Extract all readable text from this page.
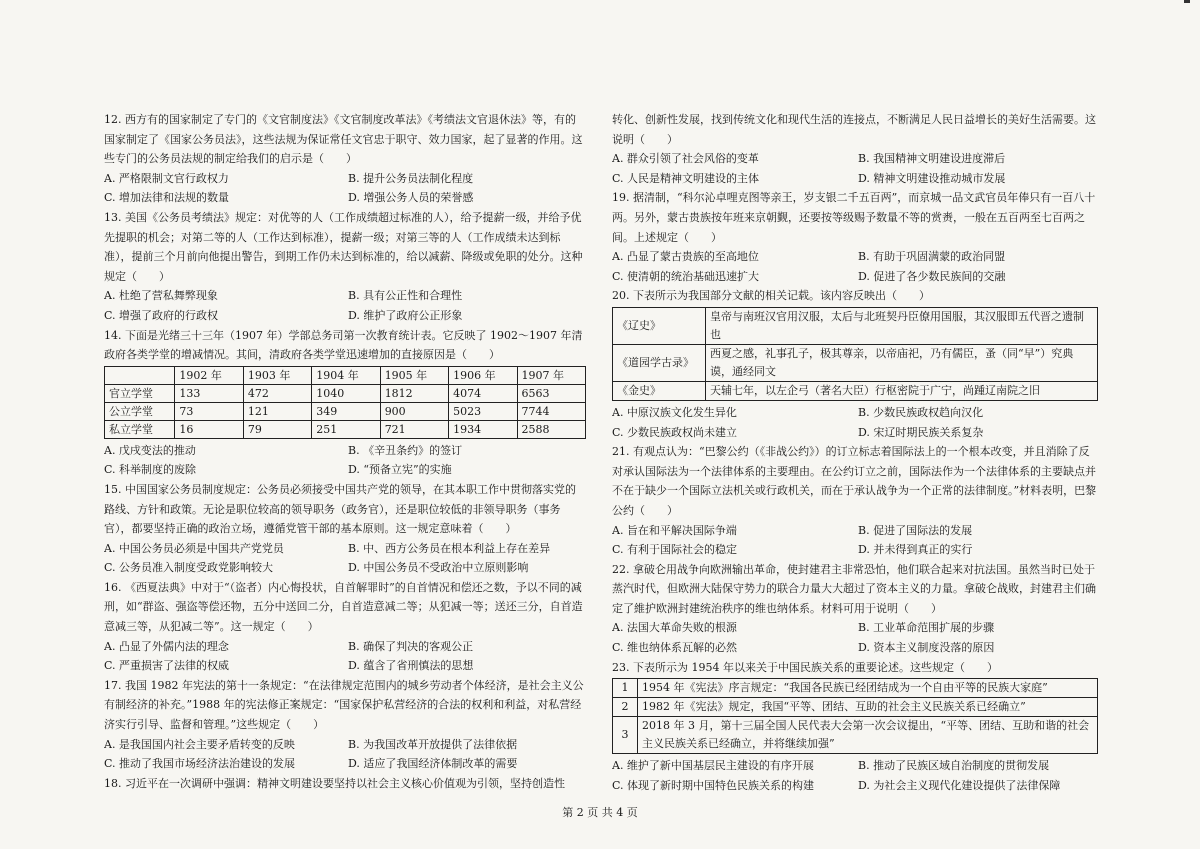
12. 西方有的国家制定了专门的《文官制度法》《文官制度改革法》《考绩法文官退休法》等，有的国家制定了《国家公务员法》，这些法规为保证常任文官忠于职守、效力国家，起了显著的作用。这些专门的公务员法规的制定给我们的启示是（　　）

A. 严格限制文官行政权力	B. 提升公务员法制化程度
C. 增加法律和法规的数量	D. 增强公务人员的荣誉感

13. 美国《公务员考绩法》规定：对优等的人（工作成绩超过标准的人），给予提薪一级，并给予优先提职的机会；对第二等的人（工作达到标准），提薪一级；对第三等的人（工作成绩未达到标准），提前三个月前向他提出警告，到期工作仍未达到标准的，给以减薪、降级或免职的处分。这种规定（　　）

A. 杜绝了营私舞弊现象	B. 具有公正性和合理性
C. 增强了政府的行政权	D. 维护了政府公正形象

14. 下面是光绪三十三年（1907 年）学部总务司第一次教育统计表。它反映了 1902～1907 年清政府各类学堂的增减情况。其间，清政府各类学堂迅速增加的直接原因是（　　）

	1902 年	1903 年	1904 年	1905 年	1906 年	1907 年
官立学堂	133	472	1040	1812	4074	6563
公立学堂	73	121	349	900	5023	7744
私立学堂	16	79	251	721	1934	2588
A. 戊戌变法的推动	B. 《辛丑条约》的签订
C. 科举制度的废除	D. “预备立宪”的实施

15. 中国国家公务员制度规定：公务员必须接受中国共产党的领导，在其本职工作中贯彻落实党的路线、方针和政策。无论是职位较高的领导职务（政务官），还是职位较低的非领导职务（事务官），都要坚持正确的政治立场，遵循党管干部的基本原则。这一规定意味着（　　）

A. 中国公务员必须是中国共产党党员	B. 中、西方公务员在根本利益上存在差异
C. 公务员准入制度受政党影响较大	D. 中国公务员不受政治中立原则影响

16. 《西夏法典》中对于“（盗者）内心悔投状，自首解罪时”的自首情况和偿还之数，予以不同的减刑，如“群盗、强盗等偿还物，五分中送回二分，自首造意减二等；从犯减一等；送还三分，自首造意减三等，从犯减二等”。这一规定（　　）

A. 凸显了外儒内法的理念	B. 确保了判决的客观公正
C. 严重损害了法律的权威	D. 蕴含了省刑慎法的思想

17. 我国 1982 年宪法的第十一条规定：“在法律规定范围内的城乡劳动者个体经济，是社会主义公有制经济的补充。”1988 年的宪法修正案规定：“国家保护私营经济的合法的权利和利益，对私营经济实行引导、监督和管理。”这些规定（　　）

A. 是我国国内社会主要矛盾转变的反映	B. 为我国改革开放提供了法律依据
C. 推动了我国市场经济法治建设的发展	D. 适应了我国经济体制改革的需要

18. 习近平在一次调研中强调：精神文明建设要坚持以社会主义核心价值观为引领，坚持创造性

转化、创新性发展，找到传统文化和现代生活的连接点，不断满足人民日益增长的美好生活需要。这说明（　　）

A. 群众引领了社会风俗的变革	B. 我国精神文明建设进度滞后
C. 人民是精神文明建设的主体	D. 精神文明建设推动城市发展

19. 据清制，“科尔沁卓哩克图等亲王，岁支银二千五百两”，而京城一品文武官员年俸只有一百八十两。另外，蒙古贵族按年班来京朝觐，还要按等级赐予数量不等的赏赉，一般在五百两至七百两之间。上述规定（　　）

A. 凸显了蒙古贵族的至高地位	B. 有助于巩固满蒙的政治同盟
C. 使清朝的统治基础迅速扩大	D. 促进了各少数民族间的交融

20. 下表所示为我国部分文献的相关记载。该内容反映出（　　）

《辽史》	皇帝与南班汉官用汉服，太后与北班契丹臣僚用国服，其汉服即五代晋之遗制也
《道园学古录》	西夏之感，礼事孔子，极其尊亲，以帝庙祀，乃有儒臣，蚤（同“早”）究典谟，通经同文
《金史》	天辅七年，以左企弓（著名大臣）行枢密院于广宁，尚踵辽南院之旧
A. 中原汉族文化发生异化	B. 少数民族政权趋向汉化
C. 少数民族政权尚未建立	D. 宋辽时期民族关系复杂

21. 有观点认为：“巴黎公约（《非战公约》）的订立标志着国际法上的一个根本改变，并且消除了反对承认国际法为一个法律体系的主要理由。在公约订立之前，国际法作为一个法律体系的主要缺点并不在于缺少一个国际立法机关或行政机关，而在于承认战争为一个正常的法律制度。”材料表明，巴黎公约（　　）

A. 旨在和平解决国际争端	B. 促进了国际法的发展
C. 有利于国际社会的稳定	D. 并未得到真正的实行

22. 拿破仑用战争向欧洲输出革命，使封建君主非常恐怕，他们联合起来对抗法国。虽然当时已处于蒸汽时代，但欧洲大陆保守势力的联合力量大大超过了资本主义的力量。拿破仑战败，封建君主们确定了維护欧洲封建统治秩序的维也纳体系。材料可用于说明（　　）

A. 法国大革命失败的根源	B. 工业革命范围扩展的步骤
C. 维也纳体系瓦解的必然	D. 资本主义制度没落的原因

23. 下表所示为 1954 年以来关于中国民族关系的重要论述。这些规定（　　）

1	1954 年《宪法》序言规定：“我国各民族已经团结成为一个自由平等的民族大家庭”
2	1982 年《宪法》规定，我国“平等、团结、互助的社会主义民族关系已经确立”
3	2018 年 3 月，第十三届全国人民代表大会第一次会议提出，“平等、团结、互助和谐的社会主义民族关系已经确立，并将继续加强”
A. 维护了新中国基层民主建设的有序开展	B. 推动了民族区域自治制度的贯彻发展
C. 体现了新时期中国特色民族关系的构建	D. 为社会主义现代化建设提供了法律保障
第 2 页 共 4 页
